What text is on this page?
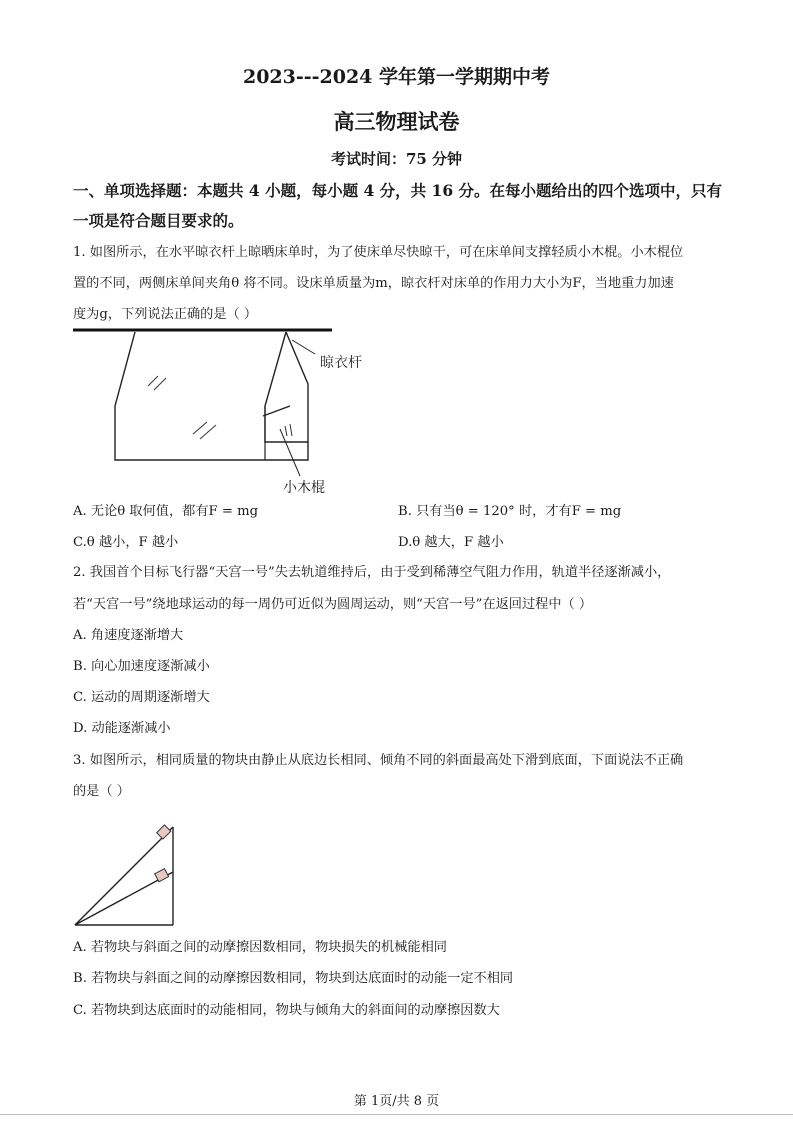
2023---2024 学年第一学期期中考
高三物理试卷
考试时间：75 分钟
一、单项选择题：本题共 4 小题，每小题 4 分，共 16 分。在每小题给出的四个选项中，只有
一项是符合题目要求的。
1. 如图所示，在水平晾衣杆上晾晒床单时，为了使床单尽快晾干，可在床单间支撑轻质小木棍。小木棍位
置的不同，两侧床单间夹角θ 将不同。设床单质量为m，晾衣杆对床单的作用力大小为F，当地重力加速
度为g，下列说法正确的是（ ）
晾衣杆
小木棍
A. 无论θ 取何值，都有F = mg	B. 只有当θ = 120° 时，才有F = mg
C.θ 越小，F 越小	D.θ 越大，F 越小
2. 我国首个目标飞行器“天宫一号”失去轨道维持后，由于受到稀薄空气阻力作用，轨道半径逐渐减小，
若“天宫一号”绕地球运动的每一周仍可近似为圆周运动，则“天宫一号”在返回过程中（ ）
A. 角速度逐渐增大
B. 向心加速度逐渐减小
C. 运动的周期逐渐增大
D. 动能逐渐减小
3. 如图所示，相同质量的物块由静止从底边长相同、倾角不同的斜面最高处下滑到底面，下面说法不正确
的是（ ）
A. 若物块与斜面之间的动摩擦因数相同，物块损失的机械能相同
B. 若物块与斜面之间的动摩擦因数相同，物块到达底面时的动能一定不相同
C. 若物块到达底面时的动能相同，物块与倾角大的斜面间的动摩擦因数大
第 1页/共 8 页
